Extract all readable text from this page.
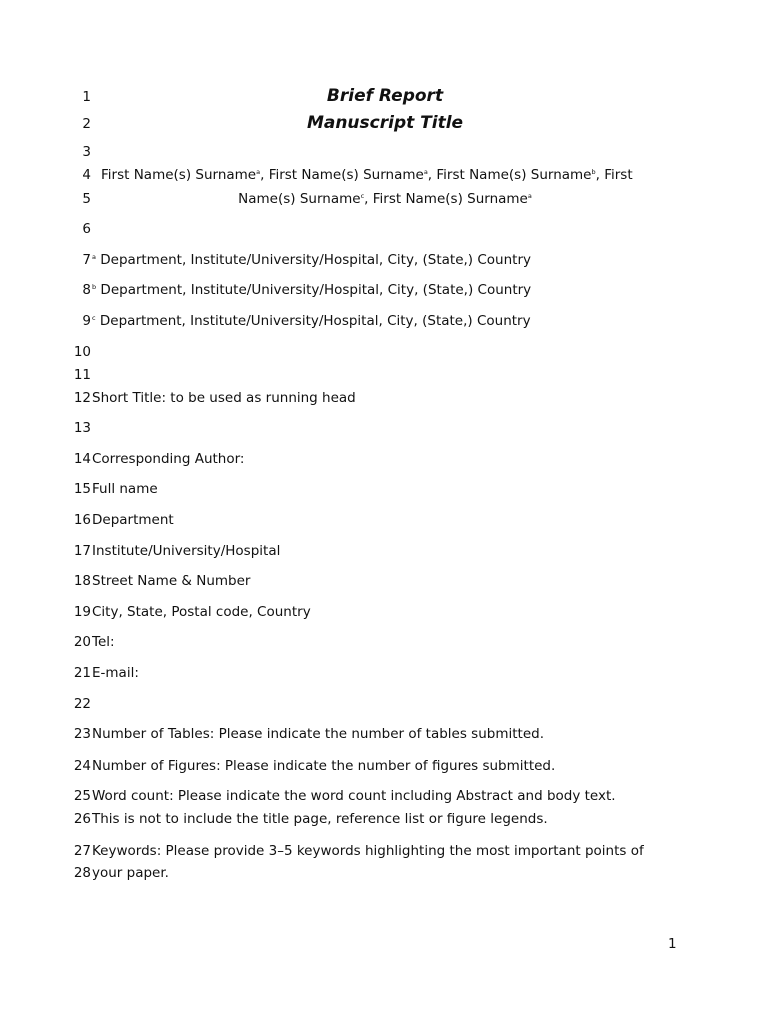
1
2
3
4
5
6
7
8
9
10
11
12
13
14
15
16
17
18
19
20
21
22
23
24
25
26
27
28
Brief Report
Manuscript Title
First Name(s) Surname$^a$, First Name(s) Surname$^a$, First Name(s) Surname$^b$, First
Name(s) Surname$^c$, First Name(s) Surname$^a$
$^a$ Department, Institute/University/Hospital, City, (State,) Country
$^b$ Department, Institute/University/Hospital, City, (State,) Country
$^c$ Department, Institute/University/Hospital, City, (State,) Country
Short Title: to be used as running head
Corresponding Author:
Full name
Department
Institute/University/Hospital
Street Name & Number
City, State, Postal code, Country
Tel:
E-mail:
Number of Tables: Please indicate the number of tables submitted.
Number of Figures: Please indicate the number of figures submitted.
Word count: Please indicate the word count including Abstract and body text.
This is not to include the title page, reference list or figure legends.
Keywords: Please provide 3–5 keywords highlighting the most important points of
your paper.
1
